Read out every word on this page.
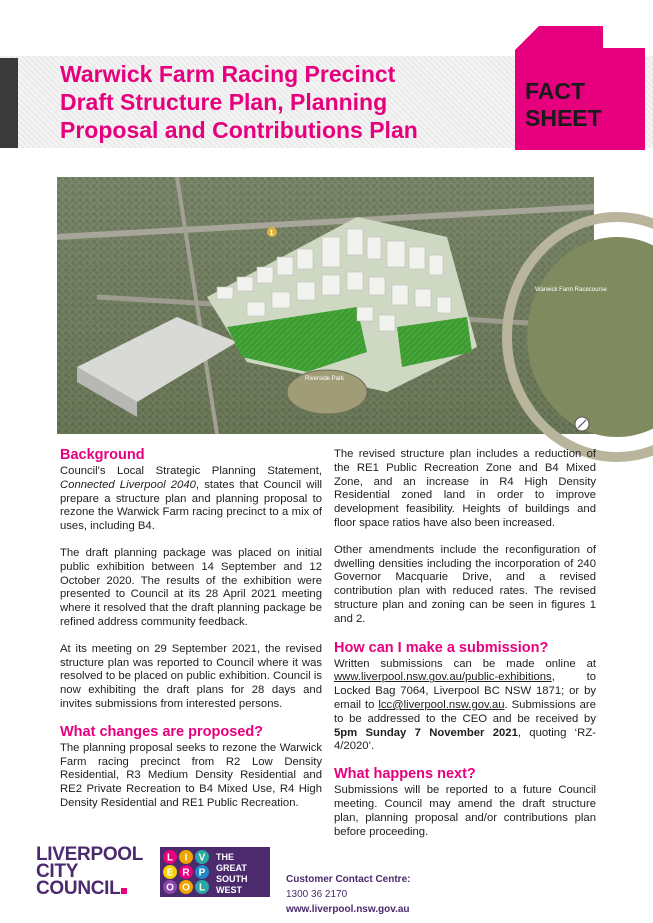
Warwick Farm Racing Precinct
Draft Structure Plan, Planning
Proposal and Contributions Plan
FACT
SHEET
Warwick Farm Racecourse
Riverside Park
1
Background

Council's Local Strategic Planning Statement, Connected Liverpool 2040, states that Council will prepare a structure plan and planning proposal to rezone the Warwick Farm racing precinct to a mix of uses, including B4.

The draft planning package was placed on initial public exhibition between 14 September and 12 October 2020. The results of the exhibition were presented to Council at its 28 April 2021 meeting where it resolved that the draft planning package be refined address community feedback.

At its meeting on 29 September 2021, the revised structure plan was reported to Council where it was resolved to be placed on public exhibition. Council is now exhibiting the draft plans for 28 days and invites submissions from interested persons.

What changes are proposed?

The planning proposal seeks to rezone the Warwick Farm racing precinct from R2 Low Density Residential, R3 Medium Density Residential and RE2 Private Recreation to B4 Mixed Use, R4 High Density Residential and RE1 Public Recreation.

The revised structure plan includes a reduction of the RE1 Public Recreation Zone and B4 Mixed Zone, and an increase in R4 High Density Residential zoned land in order to improve development feasibility. Heights of buildings and floor space ratios have also been increased.

Other amendments include the reconfiguration of dwelling densities including the incorporation of 240 Governor Macquarie Drive, and a revised contribution plan with reduced rates. The revised structure plan and zoning can be seen in figures 1 and 2.

How can I make a submission?

Written submissions can be made online at www.liverpool.nsw.gov.au/public-exhibitions, to Locked Bag 7064, Liverpool BC NSW 1871; or by email to lcc@liverpool.nsw.gov.au. Submissions are to be addressed to the CEO and be received by 5pm Sunday 7 November 2021, quoting ‘RZ-4/2020’.

What happens next?

Submissions will be reported to a future Council meeting. Council may amend the draft structure plan, planning proposal and/or contributions plan before proceeding.

LIVERPOOL
CITY
COUNCIL
L I V
E R P
O O L
THE
GREAT
SOUTH
WEST
Customer Contact Centre:
1300 36 2170
www.liverpool.nsw.gov.au
